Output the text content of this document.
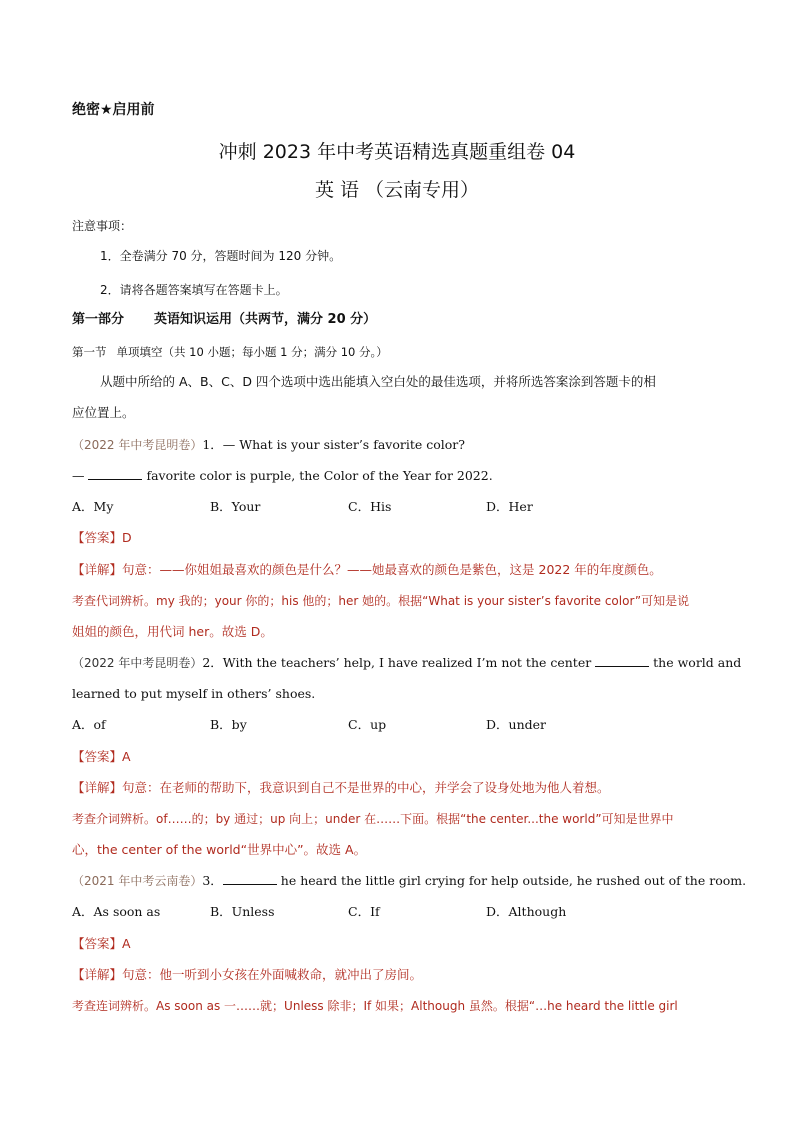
绝密★启用前
冲刺 2023 年中考英语精选真题重组卷 04
英 语 （云南专用）
注意事项：
1．全卷满分 70 分，答题时间为 120 分钟。
2．请将各题答案填写在答题卡上。
第一部分 英语知识运用（共两节，满分 20 分）
第一节 单项填空（共 10 小题；每小题 1 分；满分 10 分。）
从题中所给的 A、B、C、D 四个选项中选出能填入空白处的最佳选项，并将所选答案涂到答题卡的相
应位置上。
（2022 年中考昆明卷）1．— What is your sister’s favorite color?
—	favorite color is purple, the Color of the Year for 2022.
A．My	B．Your	C．His	D．Her
【答案】D
【详解】句意：——你姐姐最喜欢的颜色是什么？——她最喜欢的颜色是紫色，这是 2022 年的年度颜色。
考查代词辨析。my 我的；your 你的；his 他的；her 她的。根据“What is your sister’s favorite color”可知是说
姐姐的颜色，用代词 her。故选 D。
（2022 年中考昆明卷）2．With the teachers’ help, I have realized I’m not the center	the world and
learned to put myself in others’ shoes.
A．of	B．by	C．up	D．under
【答案】A
【详解】句意：在老师的帮助下，我意识到自己不是世界的中心，并学会了设身处地为他人着想。
考查介词辨析。of……的；by 通过；up 向上；under 在……下面。根据“the center...the world”可知是世界中
心，the center of the world“世界中心”。故选 A。
（2021 年中考云南卷）3．	he heard the little girl crying for help outside, he rushed out of the room.
A．As soon as	B．Unless	C．If	D．Although
【答案】A
【详解】句意：他一听到小女孩在外面喊救命，就冲出了房间。
考查连词辨析。As soon as 一……就；Unless 除非；If 如果；Although 虽然。根据“…he heard the little girl
